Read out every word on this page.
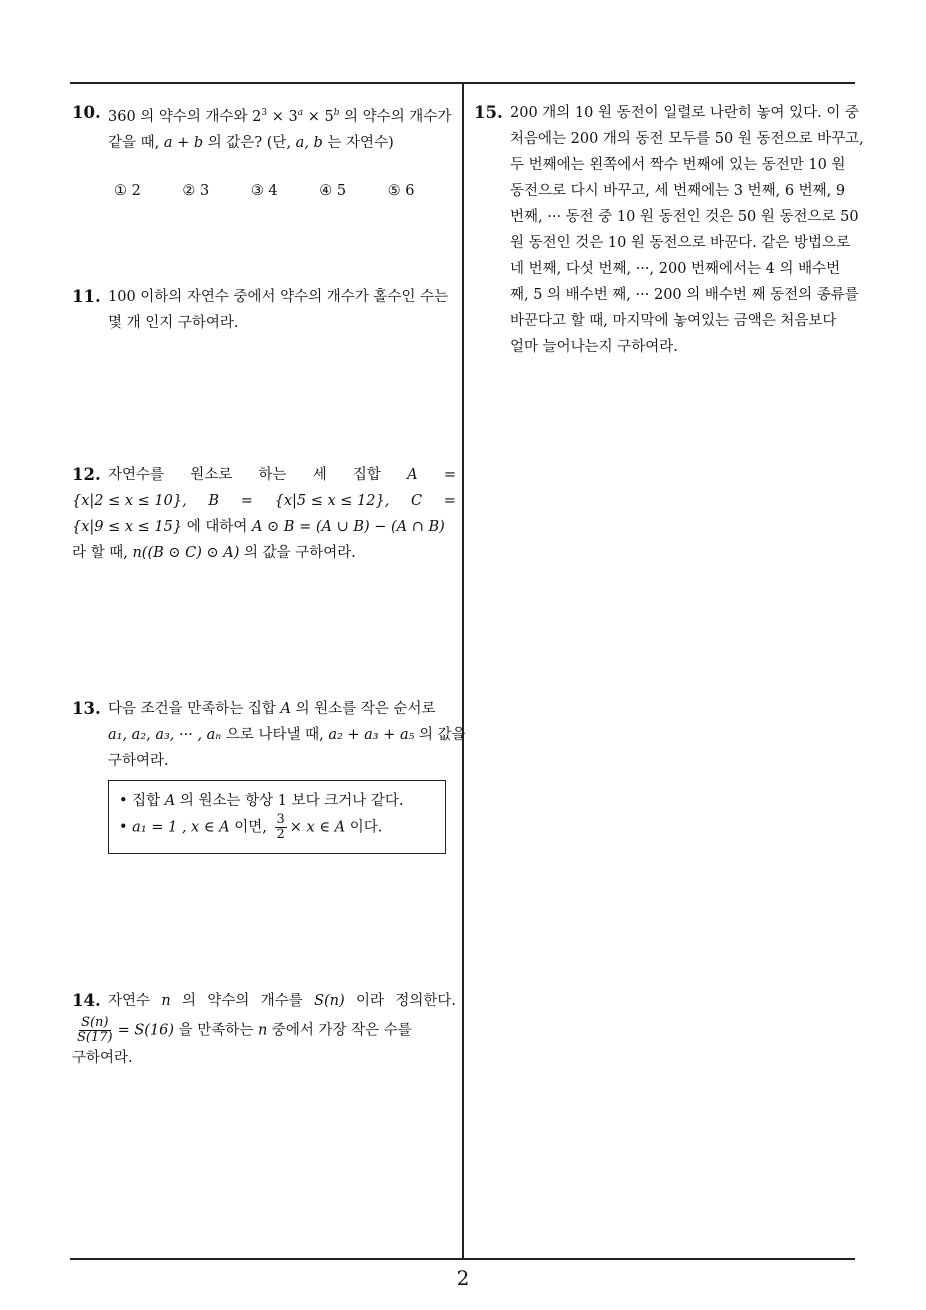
10. 360 의 약수의 개수와 $2^3 \times 3^a \times 5^b$ 의 약수의 개수가
같을 때, a + b 의 값은? (단, a, b 는 자연수)
① 2	② 3	③ 4	④ 5	⑤ 6
11. 100 이하의 자연수 중에서 약수의 개수가 홀수인 수는
몇 개 인지 구하여라.
12. 자연수를 원소로 하는 세 집합 A =
{x|2 ≤ x ≤ 10}, B = {x|5 ≤ x ≤ 12}, C =
{x|9 ≤ x ≤ 15} 에 대하여 A ⊙ B = (A ∪ B) − (A ∩ B)
라 할 때, n((B ⊙ C) ⊙ A) 의 값을 구하여라.
13. 다음 조건을 만족하는 집합 A 의 원소를 작은 순서로
a₁, a₂, a₃, ··· , aₙ 으로 나타낼 때, a₂ + a₃ + a₅ 의 값을
구하여라.
• 집합 A 의 원소는 항상 1 보다 크거나 같다.
• a₁ = 1 , x ∈ A 이면, $\frac{3}{2} \times x$ ∈ A 이다.
14. 자연수 n 의 약수의 개수를 S(n) 이라 정의한다.
$\frac{S(n)}{S(17)} = S(16)$ 을 만족하는 n 중에서 가장 작은 수를
구하여라.
15. 200 개의 10 원 동전이 일렬로 나란히 놓여 있다. 이 중
처음에는 200 개의 동전 모두를 50 원 동전으로 바꾸고,
두 번째에는 왼쪽에서 짝수 번째에 있는 동전만 10 원
동전으로 다시 바꾸고, 세 번째에는 3 번째, 6 번째, 9
번째, ··· 동전 중 10 원 동전인 것은 50 원 동전으로 50
원 동전인 것은 10 원 동전으로 바꾼다. 같은 방법으로
네 번째, 다섯 번째, ···, 200 번째에서는 4 의 배수번
째, 5 의 배수번 째, ··· 200 의 배수번 째 동전의 종류를
바꾼다고 할 때, 마지막에 놓여있는 금액은 처음보다
얼마 늘어나는지 구하여라.
2
